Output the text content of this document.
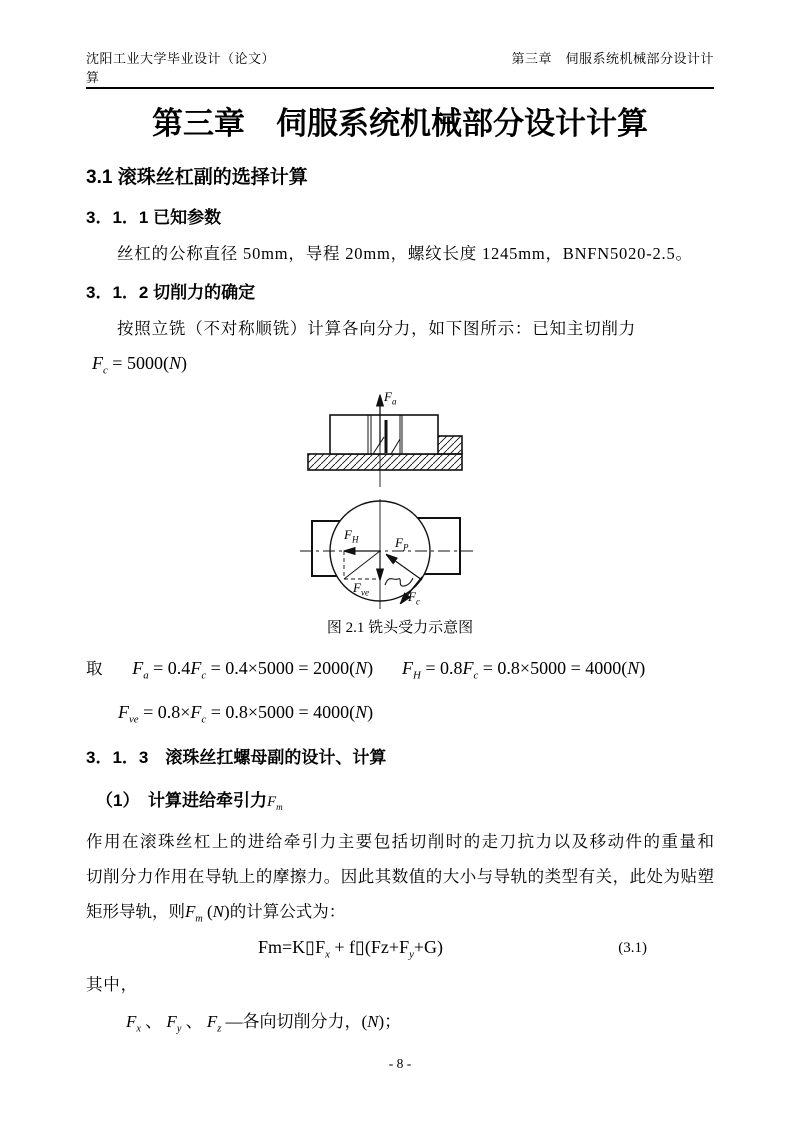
沈阳工业大学毕业设计（论文）	第三章　伺服系统机械部分设计计
算
第三章　伺服系统机械部分设计计算
3.1 滚珠丝杠副的选择计算
3．1．1 已知参数
丝杠的公称直径 50mm，导程 20mm，螺纹长度 1245mm，BNFN5020-2.5。
3．1．2 切削力的确定
按照立铣（不对称顺铣）计算各向分力，如下图所示：已知主切削力
$F_c = 5000(N)$
$F_a$
$F_H$	$F_P$
$F_{ve}$	$F_c$
图 2.1 铣头受力示意图
取 $F_a = 0.4F_c = 0.4\times 5000 = 2000(N) F_H = 0.8F_c = 0.8\times 5000 = 4000(N)$
$F_{ve} = 0.8\times F_c = 0.8\times 5000 = 4000(N)$
3．1．3　滚珠丝扛螺母副的设计、计算
（1）　计算进给牵引力$F_m$
作用在滚珠丝杠上的进给牵引力主要包括切削时的走刀抗力以及移动件的重量和
切削分力作用在导轨上的摩擦力。因此其数值的大小与导轨的类型有关，此处为贴塑
矩形导轨，则$F_m$ (N)的计算公式为：
$Fm=K▯F_x$ + $f▯(Fz+F_y+G)$	(3.1)
其中，
$F_x$ 、 $F_y$ 、 $F_z$ —各向切削分力，(N)；
- 8 -
